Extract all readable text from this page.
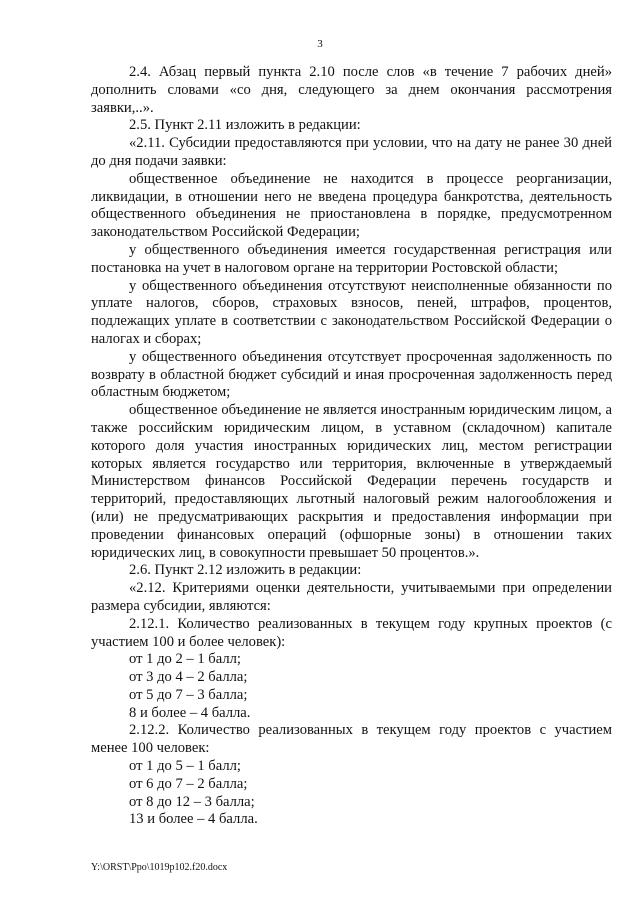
3

2.4. Абзац первый пункта 2.10 после слов «в течение 7 рабочих дней» дополнить словами «со дня, следующего за днем окончания рассмотрения заявки,..».

2.5. Пункт 2.11 изложить в редакции:

«2.11. Субсидии предоставляются при условии, что на дату не ранее 30 дней до дня подачи заявки:

общественное объединение не находится в процессе реорганизации, ликвидации, в отношении него не введена процедура банкротства, деятельность общественного объединения не приостановлена в порядке, предусмотренном законодательством Российской Федерации;

у общественного объединения имеется государственная регистрация или постановка на учет в налоговом органе на территории Ростовской области;

у общественного объединения отсутствуют неисполненные обязанности по уплате налогов, сборов, страховых взносов, пеней, штрафов, процентов, подлежащих уплате в соответствии с законодательством Российской Федерации о налогах и сборах;

у общественного объединения отсутствует просроченная задолженность по возврату в областной бюджет субсидий и иная просроченная задолженность перед областным бюджетом;

общественное объединение не является иностранным юридическим лицом, а также российским юридическим лицом, в уставном (складочном) капитале которого доля участия иностранных юридических лиц, местом регистрации которых является государство или территория, включенные в утверждаемый Министерством финансов Российской Федерации перечень государств и территорий, предоставляющих льготный налоговый режим налогообложения и (или) не предусматривающих раскрытия и предоставления информации при проведении финансовых операций (офшорные зоны) в отношении таких юридических лиц, в совокупности превышает 50 процентов.».

2.6. Пункт 2.12 изложить в редакции:

«2.12. Критериями оценки деятельности, учитываемыми при определении размера субсидии, являются:

2.12.1. Количество реализованных в текущем году крупных проектов (с участием 100 и более человек):

от 1 до 2 – 1 балл;

от 3 до 4 – 2 балла;

от 5 до 7 – 3 балла;

8 и более – 4 балла.

2.12.2. Количество реализованных в текущем году проектов с участием менее 100 человек:

от 1 до 5 – 1 балл;

от 6 до 7 – 2 балла;

от 8 до 12 – 3 балла;

13 и более – 4 балла.

Y:\ORST\Ppo\1019p102.f20.docx
